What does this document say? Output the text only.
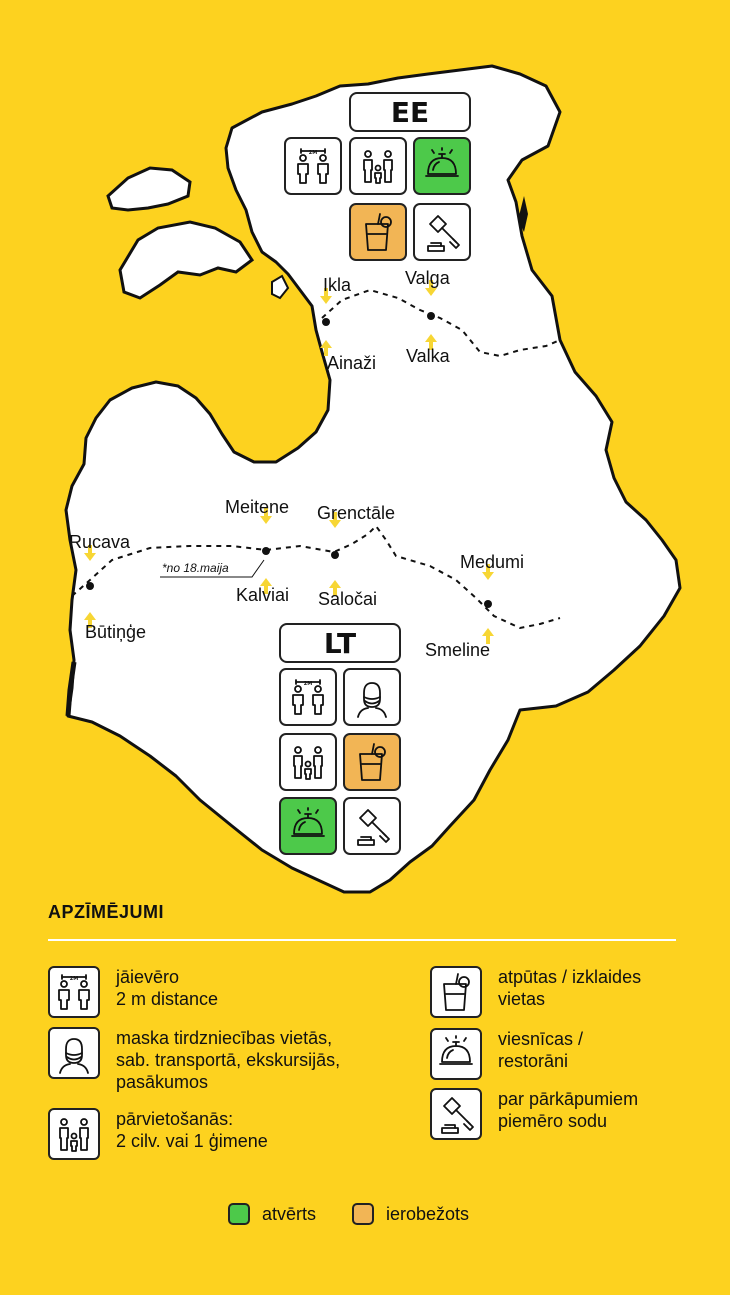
EE
LT
2M
2M
Ikla
Ainaži
Valga
Valka
Meitene
Kalviai
Grenctāle
Saločai
Rucava
Būtiņģe
Medumi
Smeline
*no 18.maija
APZĪMĒJUMI
2M jāievēro
2 m distance
maska tirdzniecības vietās,
sab. transportā, ekskursijās,
pasākumos
pārvietošanās:
2 cilv. vai 1 ģimene
atpūtas / izklaides
vietas
viesnīcas /
restorāni
par pārkāpumiem
piemēro sodu
atvērts	ierobežots
